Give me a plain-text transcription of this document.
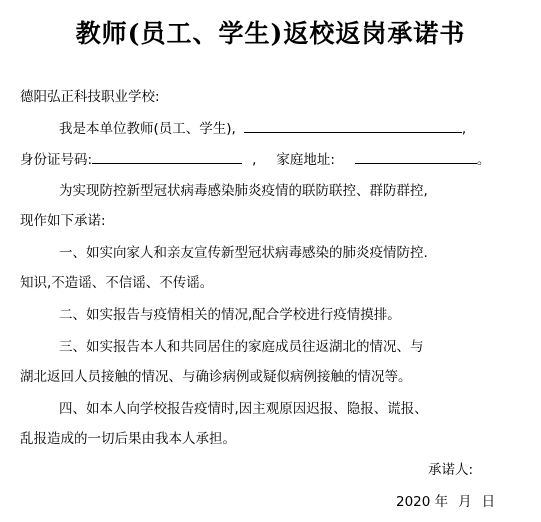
教师(员工、学生)返校返岗承诺书
德阳弘正科技职业学校:
我是本单位教师(员工、学生),	,
身份证号码:	, 家庭地址:	。
为实现防控新型冠状病毒感染肺炎疫情的联防联控、群防群控,
现作如下承诺:
一、如实向家人和亲友宣传新型冠状病毒感染的肺炎疫情防控.
知识,不造谣、不信谣、不传谣。
二、如实报告与疫情相关的情况,配合学校进行疫情摸排。
三、如实报告本人和共同居住的家庭成员往返湖北的情况、与
湖北返回人员接触的情况、与确诊病例或疑似病例接触的情况等。
四、如本人向学校报告疫情时,因主观原因迟报、隐报、谎报、
乱报造成的一切后果由我本人承担。
承诺人:
2020 年 月 日
